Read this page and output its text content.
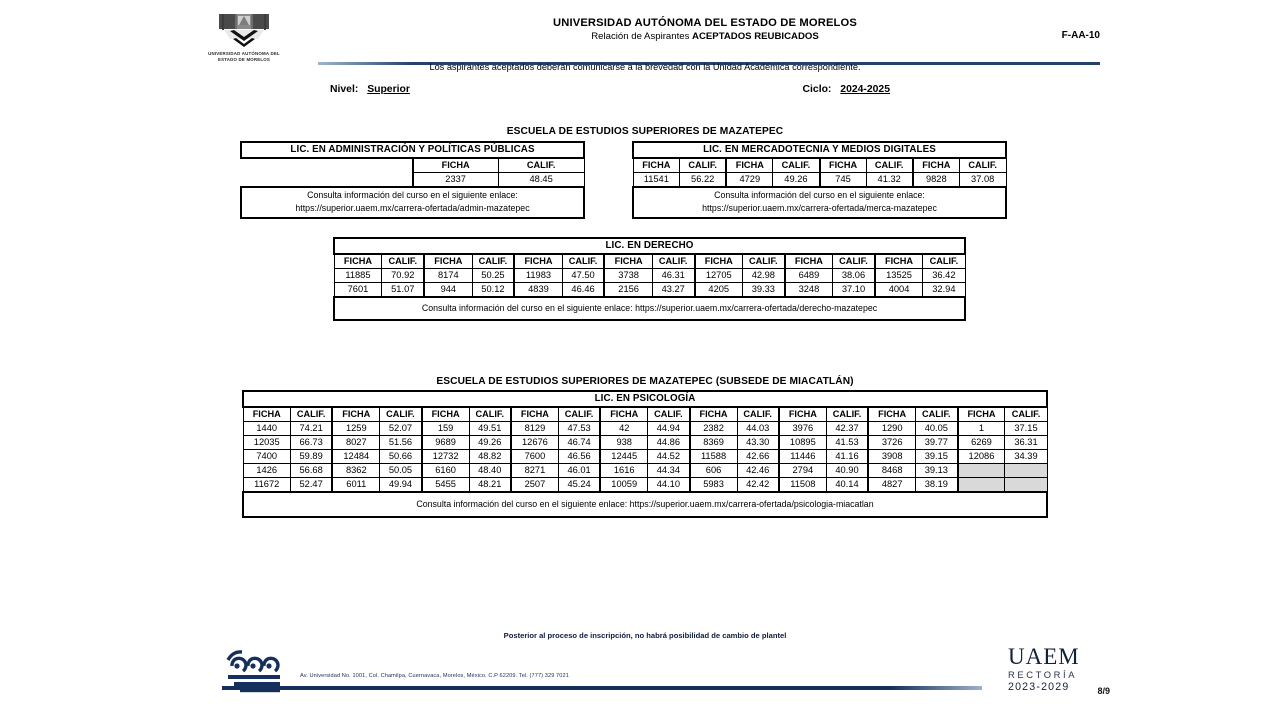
UNIVERSIDAD AUTÓNOMA DEL
ESTADO DE MORELOS
UNIVERSIDAD AUTÓNOMA DEL ESTADO DE MORELOS
Relación de Aspirantes ACEPTADOS REUBICADOS	F-AA-10
Los aspirantes aceptados deberán comunicarse a la brevedad con la Unidad Académica correspondiente.
Nivel: Superior	Ciclo: 2024-2025
ESCUELA DE ESTUDIOS SUPERIORES DE MAZATEPEC
LIC. EN ADMINISTRACIÓN Y POLÍTICAS PÚBLICAS		
	FICHA	CALIF.
	2337	48.45

Consulta información del curso en el siguiente enlace:
https://superior.uaem.mx/carrera-ofertada/admin-mazatepec		
LIC. EN MERCADOTECNIA Y MEDIOS DIGITALES							
FICHA	CALIF.	FICHA	CALIF.	FICHA	CALIF.	FICHA	CALIF.
11541	56.22	4729	49.26	745	41.32	9828	37.08

Consulta información del curso en el siguiente enlace:
https://superior.uaem.mx/carrera-ofertada/merca-mazatepec							
LIC. EN DERECHO													
FICHA	CALIF.	FICHA	CALIF.	FICHA	CALIF.	FICHA	CALIF.	FICHA	CALIF.	FICHA	CALIF.	FICHA	CALIF.
11885	70.92	8174	50.25	11983	47.50	3738	46.31	12705	42.98	6489	38.06	13525	36.42
7601	51.07	944	50.12	4839	46.46	2156	43.27	4205	39.33	3248	37.10	4004	32.94
Consulta información del curso en el siguiente enlace: https://superior.uaem.mx/carrera-ofertada/derecho-mazatepec													
ESCUELA DE ESTUDIOS SUPERIORES DE MAZATEPEC (SUBSEDE DE MIACATLÁN)
LIC. EN PSICOLOGÍA																	
FICHA	CALIF.	FICHA	CALIF.	FICHA	CALIF.	FICHA	CALIF.	FICHA	CALIF.	FICHA	CALIF.	FICHA	CALIF.	FICHA	CALIF.	FICHA	CALIF.
1440	74.21	1259	52.07	159	49.51	8129	47.53	42	44.94	2382	44.03	3976	42.37	1290	40.05	1	37.15
12035	66.73	8027	51.56	9689	49.26	12676	46.74	938	44.86	8369	43.30	10895	41.53	3726	39.77	6269	36.31
7400	59.89	12484	50.66	12732	48.82	7600	46.56	12445	44.52	11588	42.66	11446	41.16	3908	39.15	12086	34.39
1426	56.68	8362	50.05	6160	48.40	8271	46.01	1616	44.34	606	42.46	2794	40.90	8468	39.13		
11672	52.47	6011	49.94	5455	48.21	2507	45.24	10059	44.10	5983	42.42	11508	40.14	4827	38.19		
Consulta información del curso en el siguiente enlace: https://superior.uaem.mx/carrera-ofertada/psicologia-miacatlan																	
Posterior al proceso de inscripción, no habrá posibilidad de cambio de plantel
Av. Universidad No. 1001, Col. Chamilpa, Cuernavaca, Morelos, México. C.P 62209. Tel. (777) 329 7021
UAEM
RECTORÍA
2023-2029	8/9
